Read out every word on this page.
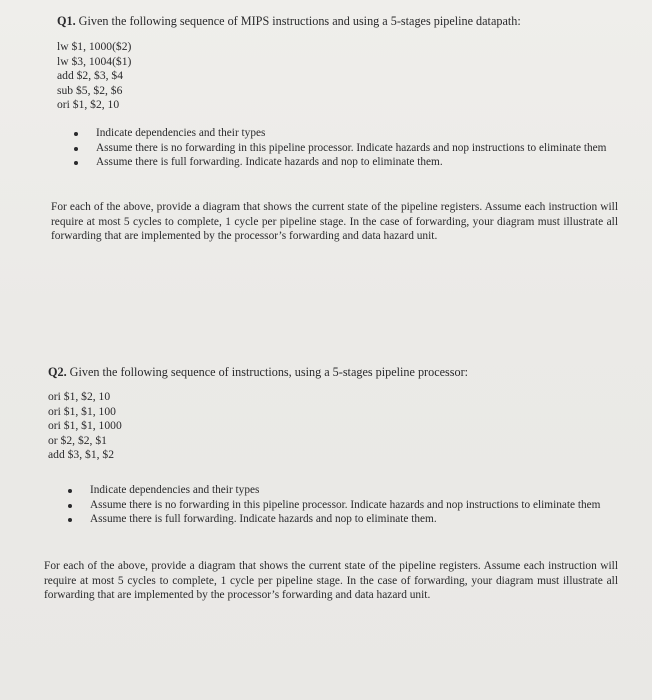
Q1. Given the following sequence of MIPS instructions and using a 5-stages pipeline datapath:
lw $1, 1000($2)
lw $3, 1004($1)
add $2, $3, $4
sub $5, $2, $6
ori $1, $2, 10
Indicate dependencies and their types
Assume there is no forwarding in this pipeline processor. Indicate hazards and nop instructions to eliminate them
Assume there is full forwarding. Indicate hazards and nop to eliminate them.
For each of the above, provide a diagram that shows the current state of the pipeline registers. Assume each instruction will require at most 5 cycles to complete, 1 cycle per pipeline stage. In the case of forwarding, your diagram must illustrate all forwarding that are implemented by the processor’s forwarding and data hazard unit.
Q2. Given the following sequence of instructions, using a 5-stages pipeline processor:
ori $1, $2, 10
ori $1, $1, 100
ori $1, $1, 1000
or $2, $2, $1
add $3, $1, $2
Indicate dependencies and their types
Assume there is no forwarding in this pipeline processor. Indicate hazards and nop instructions to eliminate them
Assume there is full forwarding. Indicate hazards and nop to eliminate them.
For each of the above, provide a diagram that shows the current state of the pipeline registers. Assume each instruction will require at most 5 cycles to complete, 1 cycle per pipeline stage. In the case of forwarding, your diagram must illustrate all forwarding that are implemented by the processor’s forwarding and data hazard unit.
